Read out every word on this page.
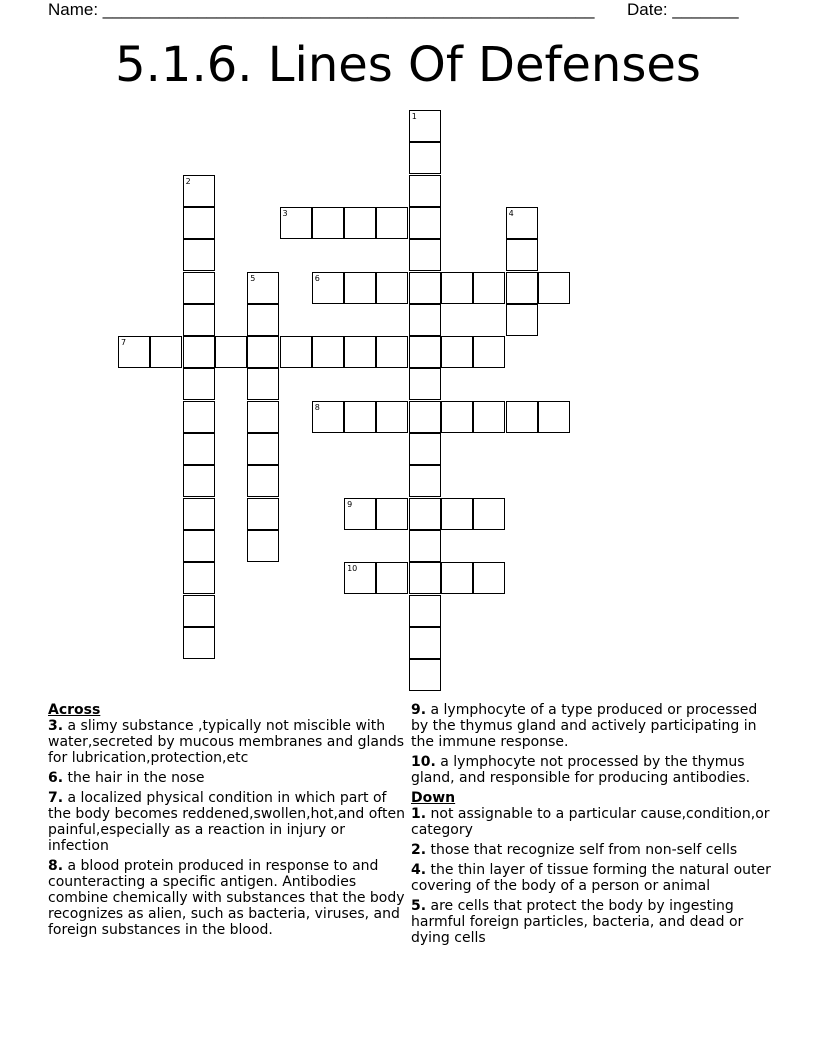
Name: ____________________________________________________ Date: _______
5.1.6. Lines Of Defenses
1
2
3	4
5	6
7
8
9
10
Across
3. a slimy substance ,typically not miscible with water,secreted by mucous membranes and glands for lubrication,protection,etc
6. the hair in the nose
7. a localized physical condition in which part of the body becomes reddened,swollen,hot,and often painful,especially as a reaction in injury or infection
8. a blood protein produced in response to and counteracting a specific antigen. Antibodies combine chemically with substances that the body recognizes as alien, such as bacteria, viruses, and foreign substances in the blood.
9. a lymphocyte of a type produced or processed by the thymus gland and actively participating in the immune response.
10. a lymphocyte not processed by the thymus gland, and responsible for producing antibodies.
Down
1. not assignable to a particular cause,condition,or category
2. those that recognize self from non-self cells
4. the thin layer of tissue forming the natural outer covering of the body of a person or animal
5. are cells that protect the body by ingesting harmful foreign particles, bacteria, and dead or dying cells
